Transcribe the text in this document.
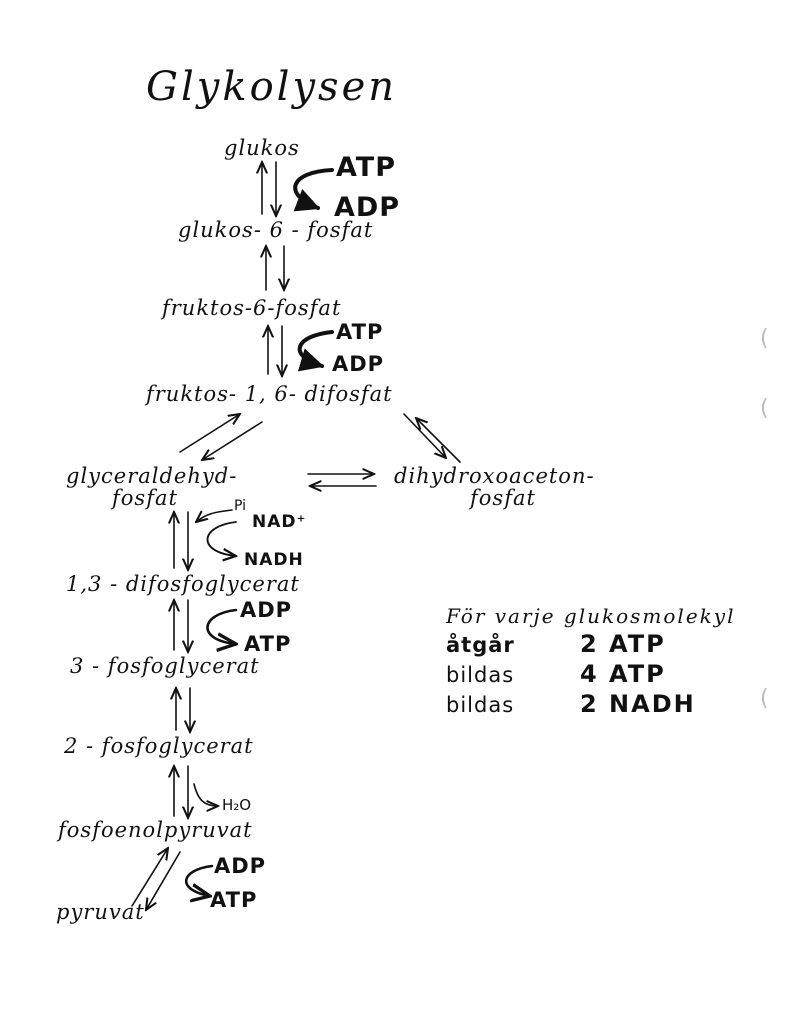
Glykolysen
glukos
glukos- 6 - fosfat
fruktos-6-fosfat
fruktos- 1, 6- difosfat
glyceraldehyd-
fosfat
dihydroxoaceton-
fosfat
1,3 - difosfoglycerat
3 - fosfoglycerat
2 - fosfoglycerat
fosfoenolpyruvat
pyruvat
ATP
ADP
ATP
ADP
Pi
NAD⁺
NADH
ADP
ATP
H₂O
ADP
ATP
För varje glukosmolekyl
åtgår	2 ATP
bildas	4 ATP
bildas	2 NADH
(
(
(
